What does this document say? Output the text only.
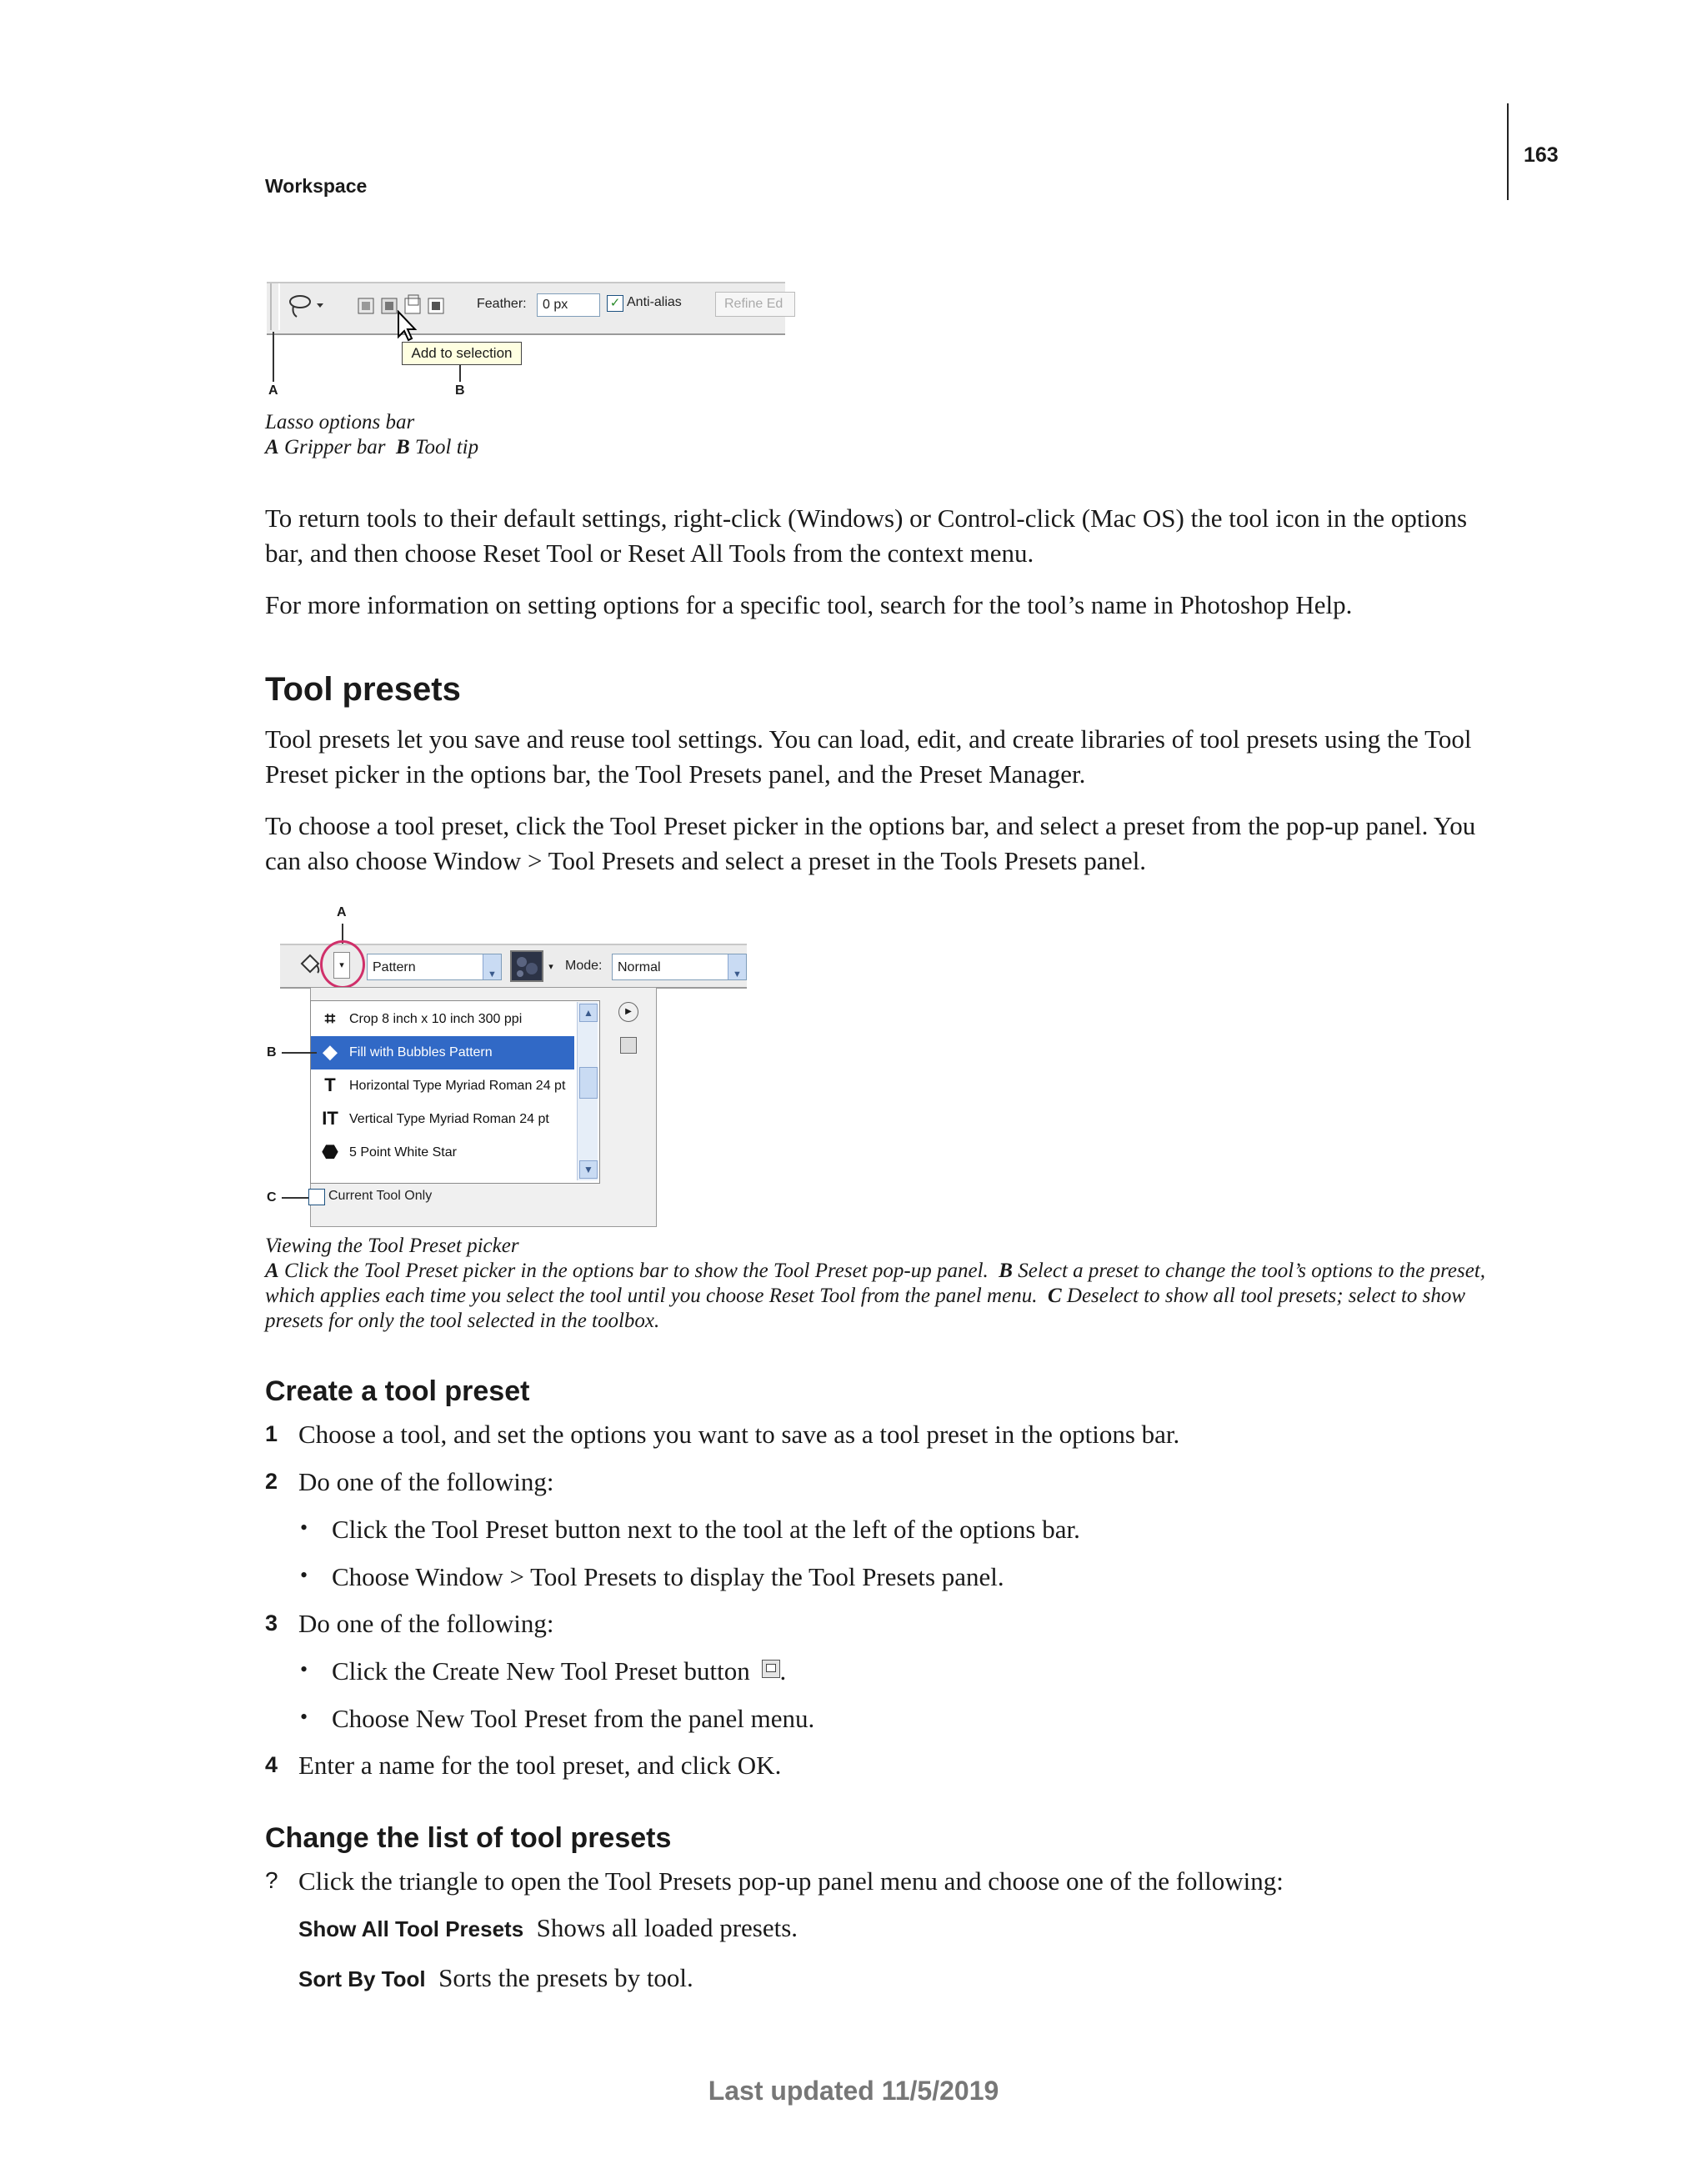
163
Workspace
Feather:	0 px	✓ Anti-alias	Refine Ed
Add to selection
A	B
Lasso options bar
A Gripper bar B Tool tip
To return tools to their default settings, right-click (Windows) or Control-click (Mac OS) the tool icon in the options bar, and then choose Reset Tool or Reset All Tools from the context menu.
For more information on setting options for a specific tool, search for the tool’s name in Photoshop Help.
Tool presets
Tool presets let you save and reuse tool settings. You can load, edit, and create libraries of tool presets using the Tool Preset picker in the options bar, the Tool Presets panel, and the Preset Manager.
To choose a tool preset, click the Tool Preset picker in the options bar, and select a preset from the pop-up panel. You can also choose Window > Tool Presets and select a preset in the Tools Presets panel.
A
▾	Pattern	▼
▾ Mode:	Normal	▼
⌗	Crop 8 inch x 10 inch 300 ppi
◆ Fill with Bubbles Pattern
T	Horizontal Type Myriad Roman 24 pt
IT Vertical Type Myriad Roman 24 pt
⬣ 5 Point White Star
▲
▼
▶
Current Tool Only
B
C
Viewing the Tool Preset picker
A Click the Tool Preset picker in the options bar to show the Tool Preset pop-up panel. B Select a preset to change the tool’s options to the preset, which applies each time you select the tool until you choose Reset Tool from the panel menu. C Deselect to show all tool presets; select to show presets for only the tool selected in the toolbox.
Create a tool preset
1 Choose a tool, and set the options you want to save as a tool preset in the options bar.
2 Do one of the following:
• Click the Tool Preset button next to the tool at the left of the options bar.
• Choose Window > Tool Presets to display the Tool Presets panel.
3 Do one of the following:
• Click the Create New Tool Preset button .
• Choose New Tool Preset from the panel menu.
4 Enter a name for the tool preset, and click OK.
Change the list of tool presets
? Click the triangle to open the Tool Presets pop-up panel menu and choose one of the following:
Show All Tool Presets Shows all loaded presets.
Sort By Tool Sorts the presets by tool.
Last updated 11/5/2019
